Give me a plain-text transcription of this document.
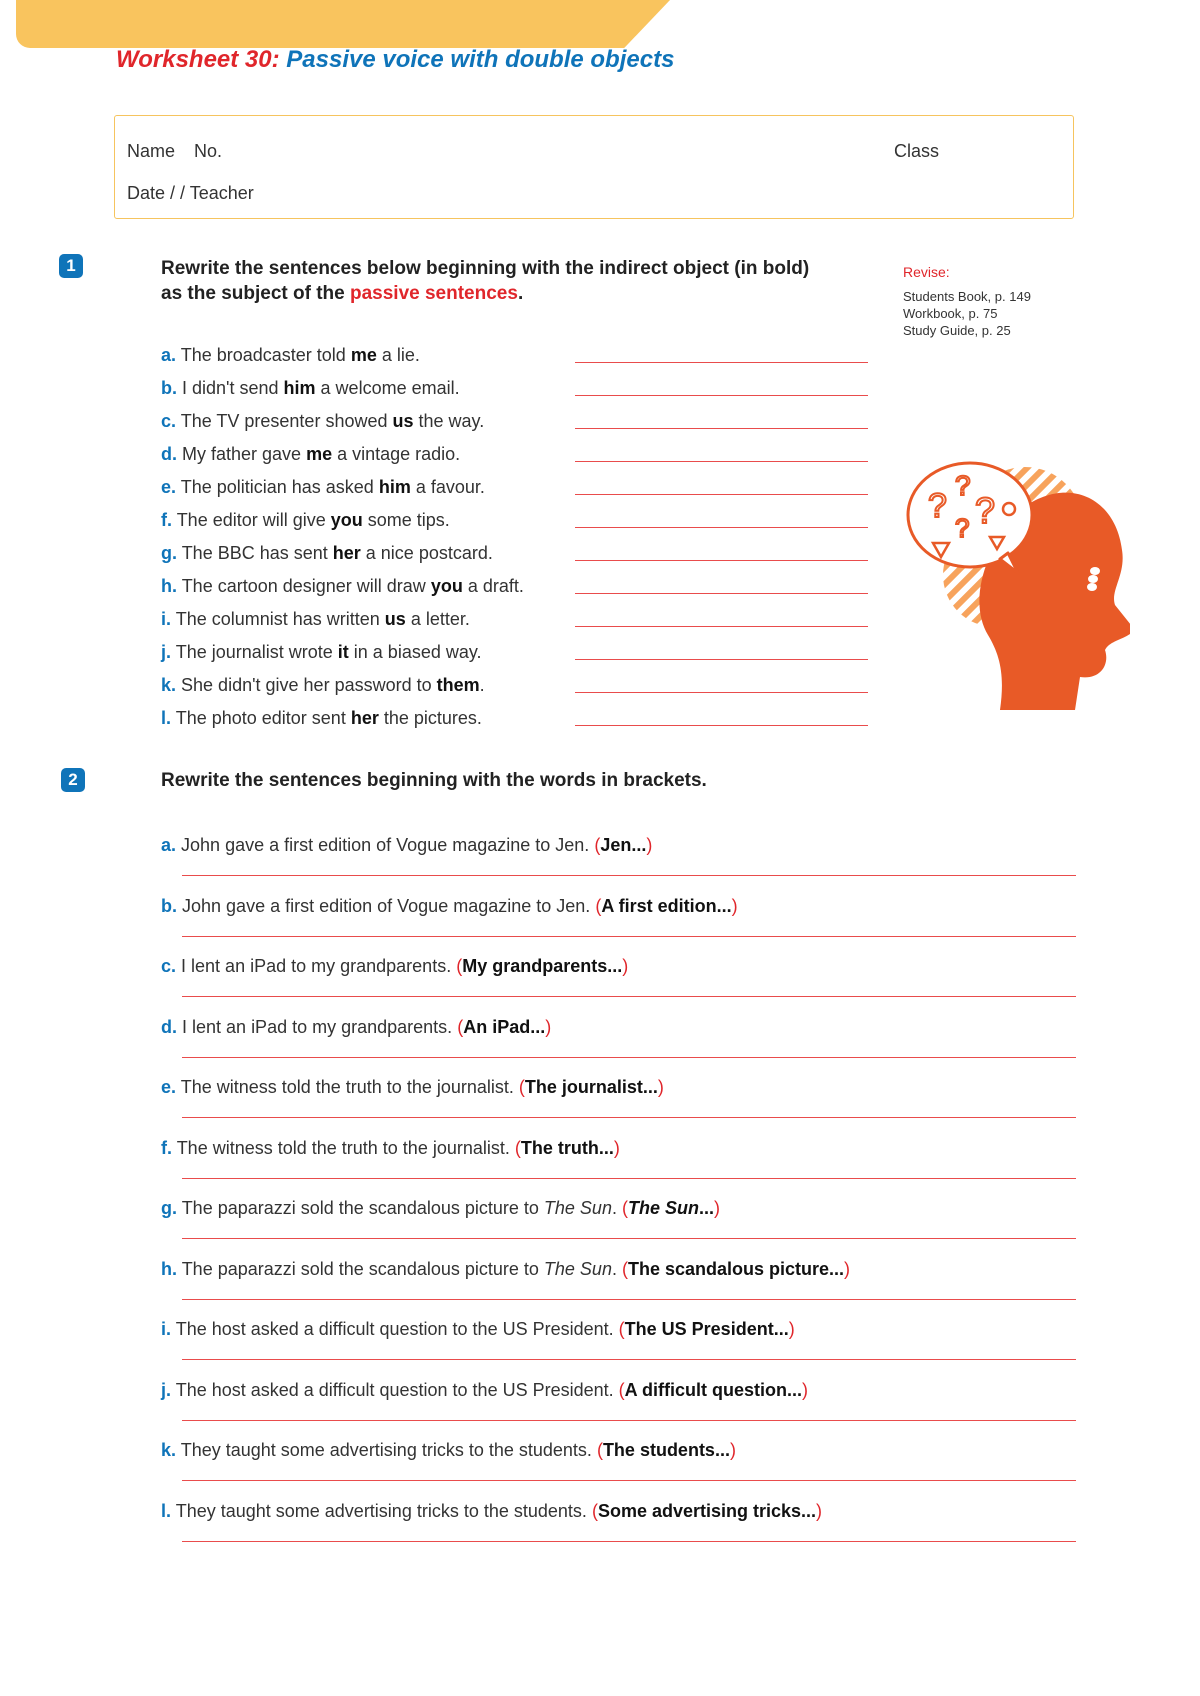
Worksheet 30: Passive voice with double objects
Name No.	Class
Date / / Teacher
1	Rewrite the sentences below beginning with the indirect object (in bold)
as the subject of the passive sentences.
Revise:
Students Book, p. 149
Workbook, p. 75
Study Guide, p. 25
a. The broadcaster told me a lie.
b. I didn't send him a welcome email.
c. The TV presenter showed us the way.
d. My father gave me a vintage radio.
e. The politician has asked him a favour.
f. The editor will give you some tips.
g. The BBC has sent her a nice postcard.
h. The cartoon designer will draw you a draft.
i. The columnist has written us a letter.
j. The journalist wrote it in a biased way.
k. She didn't give her password to them.
l. The photo editor sent her the pictures.
?
?
?
?
2	Rewrite the sentences beginning with the words in brackets.
a. John gave a first edition of Vogue magazine to Jen. (Jen...)
b. John gave a first edition of Vogue magazine to Jen. (A first edition...)
c. I lent an iPad to my grandparents. (My grandparents...)
d. I lent an iPad to my grandparents. (An iPad...)
e. The witness told the truth to the journalist. (The journalist...)
f. The witness told the truth to the journalist. (The truth...)
g. The paparazzi sold the scandalous picture to The Sun. (The Sun...)
h. The paparazzi sold the scandalous picture to The Sun. (The scandalous picture...)
i. The host asked a difficult question to the US President. (The US President...)
j. The host asked a difficult question to the US President. (A difficult question...)
k. They taught some advertising tricks to the students. (The students...)
l. They taught some advertising tricks to the students. (Some advertising tricks...)
